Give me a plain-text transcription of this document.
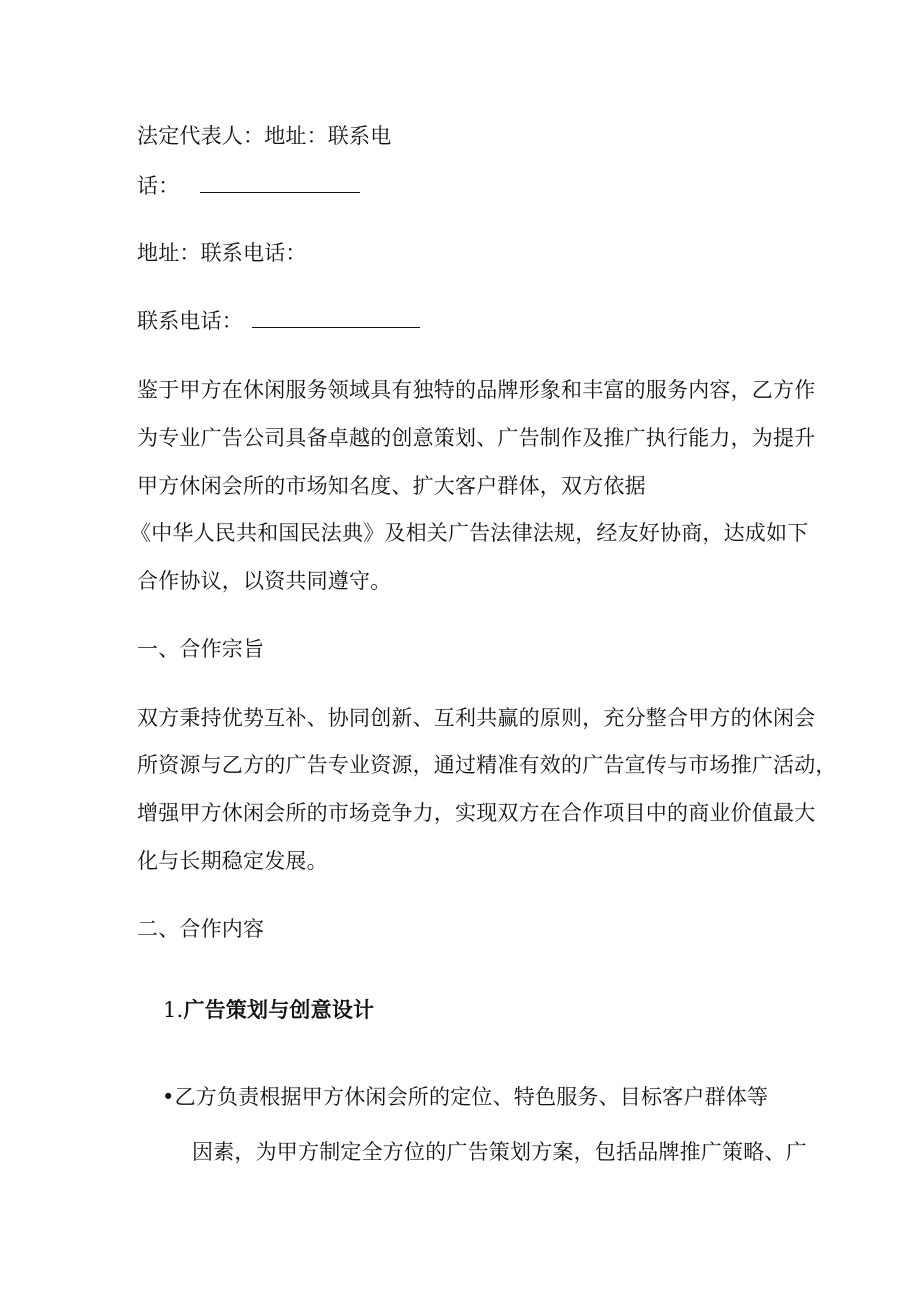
法定代表人：地址：联系电
话：
地址：联系电话：
联系电话：
鉴于甲方在休闲服务领域具有独特的品牌形象和丰富的服务内容，乙方作
为专业广告公司具备卓越的创意策划、广告制作及推广执行能力，为提升
甲方休闲会所的市场知名度、扩大客户群体，双方依据
《中华人民共和国民法典》及相关广告法律法规，经友好协商，达成如下
合作协议，以资共同遵守。
一、合作宗旨
双方秉持优势互补、协同创新、互利共赢的原则，充分整合甲方的休闲会
所资源与乙方的广告专业资源，通过精准有效的广告宣传与市场推广活动，
增强甲方休闲会所的市场竞争力，实现双方在合作项目中的商业价值最大
化与长期稳定发展。
二、合作内容
1.广告策划与创意设计
•乙方负责根据甲方休闲会所的定位、特色服务、目标客户群体等
因素，为甲方制定全方位的广告策划方案，包括品牌推广策略、广
